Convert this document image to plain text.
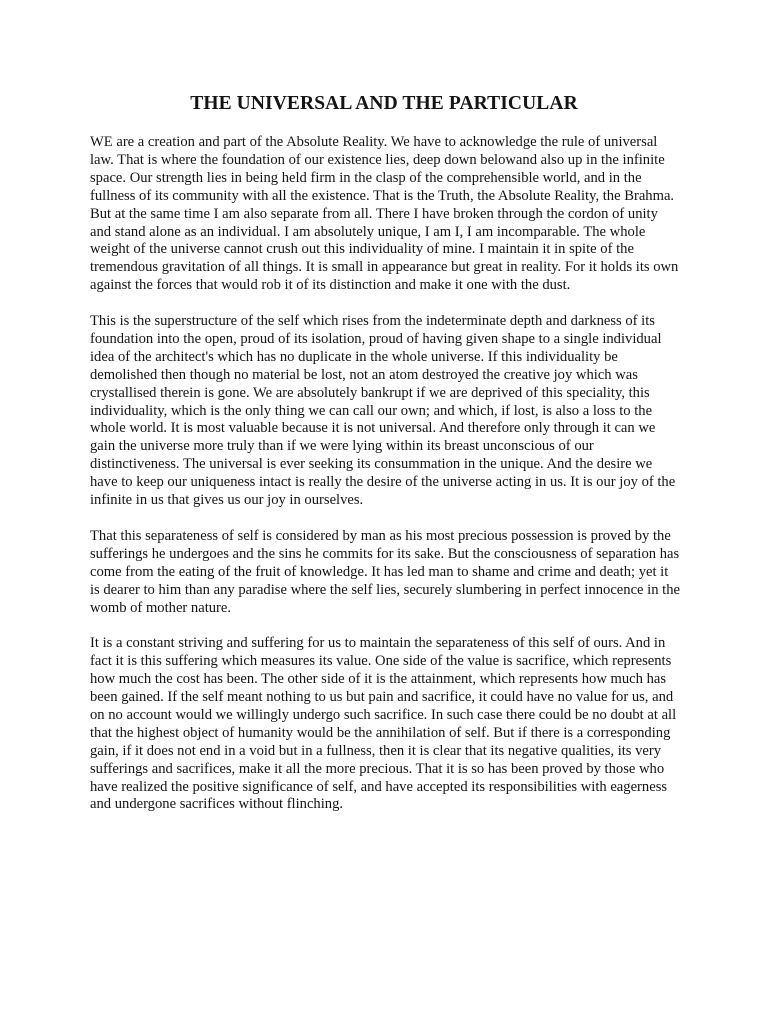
THE UNIVERSAL AND THE PARTICULAR

WE are a creation and part of the Absolute Reality. We have to acknowledge the rule of universal law. That is where the foundation of our existence lies, deep down belowand also up in the infinite space. Our strength lies in being held firm in the clasp of the comprehensible world, and in the fullness of its community with all the existence. That is the Truth, the Absolute Reality, the Brahma. But at the same time I am also separate from all. There I have broken through the cordon of unity and stand alone as an individual. I am absolutely unique, I am I, I am incomparable. The whole weight of the universe cannot crush out this individuality of mine. I maintain it in spite of the tremendous gravitation of all things. It is small in appearance but great in reality. For it holds its own against the forces that would rob it of its distinction and make it one with the dust.

This is the superstructure of the self which rises from the indeterminate depth and darkness of its foundation into the open, proud of its isolation, proud of having given shape to a single individual idea of the architect's which has no duplicate in the whole universe. If this individuality be demolished then though no material be lost, not an atom destroyed the creative joy which was crystallised therein is gone. We are absolutely bankrupt if we are deprived of this speciality, this individuality, which is the only thing we can call our own; and which, if lost, is also a loss to the whole world. It is most valuable because it is not universal. And therefore only through it can we gain the universe more truly than if we were lying within its breast unconscious of our distinctiveness. The universal is ever seeking its consummation in the unique. And the desire we have to keep our uniqueness intact is really the desire of the universe acting in us. It is our joy of the infinite in us that gives us our joy in ourselves.

That this separateness of self is considered by man as his most precious possession is proved by the sufferings he undergoes and the sins he commits for its sake. But the consciousness of separation has come from the eating of the fruit of knowledge. It has led man to shame and crime and death; yet it is dearer to him than any paradise where the self lies, securely slumbering in perfect innocence in the womb of mother nature.

It is a constant striving and suffering for us to maintain the separateness of this self of ours. And in fact it is this suffering which measures its value. One side of the value is sacrifice, which represents how much the cost has been. The other side of it is the attainment, which represents how much has been gained. If the self meant nothing to us but pain and sacrifice, it could have no value for us, and on no account would we willingly undergo such sacrifice. In such case there could be no doubt at all that the highest object of humanity would be the annihilation of self. But if there is a corresponding gain, if it does not end in a void but in a fullness, then it is clear that its negative qualities, its very sufferings and sacrifices, make it all the more precious. That it is so has been proved by those who have realized the positive significance of self, and have accepted its responsibilities with eagerness and undergone sacrifices without flinching.
